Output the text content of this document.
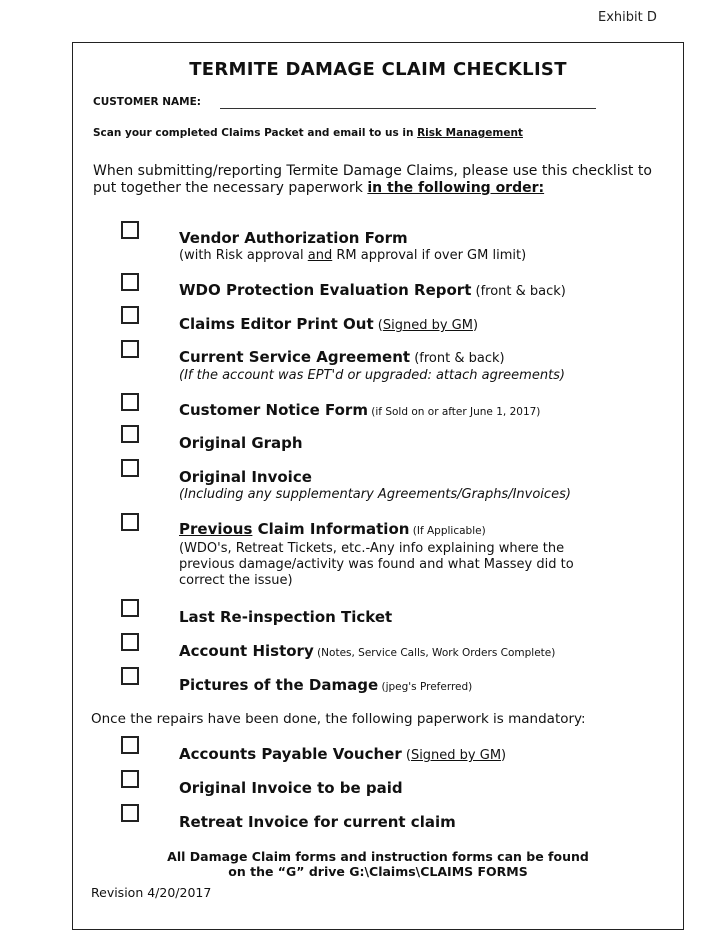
Exhibit D
TERMITE DAMAGE CLAIM CHECKLIST
CUSTOMER NAME:
Scan your completed Claims Packet and email to us in Risk Management
When submitting/reporting Termite Damage Claims, please use this checklist to put together the necessary paperwork in the following order:
Vendor Authorization Form
(with Risk approval and RM approval if over GM limit)
WDO Protection Evaluation Report (front & back)
Claims Editor Print Out (Signed by GM)
Current Service Agreement (front & back)
(If the account was EPT'd or upgraded: attach agreements)
Customer Notice Form (if Sold on or after June 1, 2017)
Original Graph
Original Invoice
(Including any supplementary Agreements/Graphs/Invoices)
Previous Claim Information (If Applicable)
(WDO's, Retreat Tickets, etc.-Any info explaining where the previous damage/activity was found and what Massey did to correct the issue)
Last Re-inspection Ticket
Account History (Notes, Service Calls, Work Orders Complete)
Pictures of the Damage (jpeg's Preferred)
Once the repairs have been done, the following paperwork is mandatory:
Accounts Payable Voucher (Signed by GM)
Original Invoice to be paid
Retreat Invoice for current claim
All Damage Claim forms and instruction forms can be found
on the “G” drive G:\Claims\CLAIMS FORMS
Revision 4/20/2017
